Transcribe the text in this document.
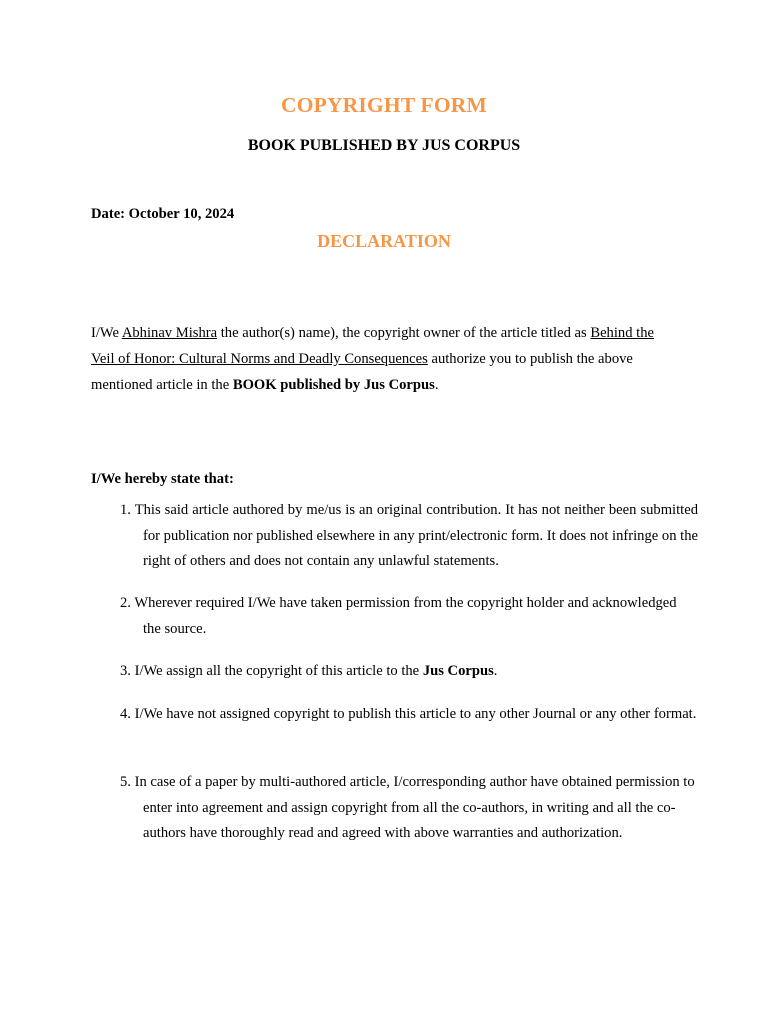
COPYRIGHT FORM
BOOK PUBLISHED BY JUS CORPUS
Date: October 10, 2024
DECLARATION
I/We Abhinav Mishra the author(s) name), the copyright owner of the article titled as Behind the Veil of Honor: Cultural Norms and Deadly Consequences authorize you to publish the above mentioned article in the BOOK published by Jus Corpus.
I/We hereby state that:
1. This said article authored by me/us is an original contribution. It has not neither been submitted for publication nor published elsewhere in any print/electronic form. It does not infringe on the right of others and does not contain any unlawful statements.
2. Wherever required I/We have taken permission from the copyright holder and acknowledged the source.
3. I/We assign all the copyright of this article to the Jus Corpus.
4. I/We have not assigned copyright to publish this article to any other Journal or any other format.
5. In case of a paper by multi-authored article, I/corresponding author have obtained permission to enter into agreement and assign copyright from all the co-authors, in writing and all the co-authors have thoroughly read and agreed with above warranties and authorization.
